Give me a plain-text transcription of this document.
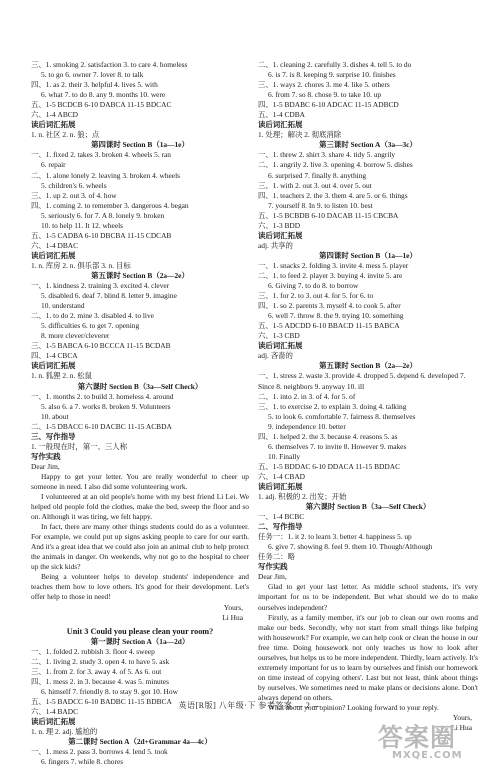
三、1. smoking 2. satisfaction 3. to care 4. homeless
5. to go 6. owner 7. lover 8. to talk
四、1. as 2. their 3. helpful 4. lives 5. with
6. what 7. to do 8. any 9. months 10. were
五、1-5 BCDCB 6-10 DABCA 11-15 BDCAC
六、1-4 ABCD
读后词汇拓展
1. n. 社区 2. n. 狼；点
第四课时 Section B（1a—1e）
一、1. fixed 2. takes 3. broken 4. wheels 5. ran
6. repair
二、1. alone lonely 2. leaving 3. broken 4. wheels
5. children's 6. wheels
三、1. up 2. out 3. of 4. how
四、1. coming 2. to remember 3. dangerous 4. began
5. seriously 6. for 7. A 8. lonely 9. broken
10. to help 11. It 12. wheels
五、1-5 CADBA 6-10 DBCBA 11-15 CDCAB
六、1-4 DBAC
读后词汇拓展
1. n. 库房 2. n. 俱乐部 3. n. 目标
第五课时 Section B（2a—2e）
一、1. kindness 2. training 3. excited 4. clever
5. disabled 6. deaf 7. blind 8. letter 9. imagine
10. understand
二、1. to do 2. mine 3. disabled 4. to live
5. difficulties 6. to get 7. opening
8. more clever/cleverer
三、1-5 BABCA 6-10 BCCCA 11-15 BCDAB
四、1-4 CBCA
读后词汇拓展
1. n. 狐狸 2. n. 松鼠
第六课时 Section B（3a—Self Check）
一、1. months 2. to build 3. homeless 4. around
5. also 6. a 7. works 8. broken 9. Volunteers
10. about
二、1-5 DBACC 6-10 DACBC 11-15 ACBDA
三、写作指导
1. 一般现在时，第一、三人称
写作实践
Dear Jim,
Happy to get your letter. You are really wonderful to cheer up someone in need. I also did some volunteering work.
I volunteered at an old people's home with my best friend Li Lei. We helped old people fold the clothes, make the bed, sweep the floor and so on. Although it was tiring, we felt happy.
In fact, there are many other things students could do as a volunteer. For example, we could put up signs asking people to care for our earth. And it's a great idea that we could also join an animal club to help protect the animals in danger. On weekends, why not go to the hospital to cheer up the sick kids?
Being a volunteer helps to develop students' independence and teaches them how to love others. It's good for their development. Let's offer help to those in need!
Yours,
Li Hua
Unit 3 Could you please clean your room?
第一课时 Section A（1a—2d）
一、1. folded 2. rubbish 3. floor 4. sweep
二、1. living 2. study 3. open 4. to have 5. ask
三、1. from 2. for 3. away 4. of 5. As 6. out
四、1. mess 2. in 3. because 4. was 5. minutes
6. himself 7. friendly 8. to stay 9. got 10. How
五、1-5 BADCC 6-10 BADBC 11-15 BDBCA
六、1-4 BADC
读后词汇拓展
1. n. 理 2. adj. 尴尬的
第二课时 Section A（2d+Grammar 4a—4c）
一、1. mess 2. pass 3. borrows 4. lend 5. took
6. fingers 7. while 8. chores
二、1. cleaning 2. carefully 3. dishes 4. tell 5. to do
6. is 7. is 8. keeping 9. surprise 10. finishes
三、1. ways 2. chores 3. me 4. like 5. others
6. from 7. so 8. chose 9. to take 10. up
四、1-5 BDABC 6-10 ADCAC 11-15 ADBCD
五、1-4 CDBA
读后词汇拓展
1. 处理；解决 2. 彻底消除
第三课时 Section A（3a—3c）
一、1. threw 2. shirt 3. share 4. tidy 5. angrily
二、1. angrily 2. live 3. opening 4. borrow 5. dishes
6. surprised 7. finally 8. anything
三、1. with 2. out 3. out 4. over 5. out
四、1. teachers 2. the 3. them 4. are 5. or 6. things
7. yourself 8. In 9. to listen 10. best
五、1-5 BCBDB 6-10 DACAB 11-15 CBCBA
六、1-3 BDD
读后词汇拓展
adj. 共享的
第四课时 Section B（1a—1e）
一、1. snacks 2. folding 3. invite 4. mess 5. player
二、1. to feed 2. player 3. buying 4. invite 5. are
6. Giving 7. to do 8. to borrow
三、1. for 2. to 3. out 4. for 5. for 6. to
四、1. so 2. parents 3. myself 4. to cook 5. after
6. well 7. throw 8. the 9. trying 10. something
五、1-5 ADCDD 6-10 BBACD 11-15 BABCA
六、1-3 CBD
读后词汇拓展
adj. 吝啬的
第五课时 Section B（2a—2e）
一、1. stress 2. waste 3. provide 4. dropped 5. depend 6. developed 7. Since 8. neighbors 9. anyway 10. ill
二、1. into 2. in 3. of 4. for 5. of
三、1. to exercise 2. to explain 3. doing 4. talking
5. to look 6. comfortable 7. fairness 8. themselves
9. independence 10. better
四、1. helped 2. the 3. because 4. reasons 5. as
6. themselves 7. to invite 8. However 9. makes
10. Finally
五、1-5 BDDAC 6-10 DDACA 11-15 BDDAC
六、1-4 CBAD
读后词汇拓展
1. adj. 积极的 2. 出发；开始
第六课时 Section B（3a—Self Check）
一、1-4 BCBC
二、写作指导
任务一：1. it 2. to learn 3. better 4. happiness 5. up
6. give 7. showing 8. feel 9. them 10. Though/Although
任务二：略
写作实践
Dear Jim,
Glad to get your last letter. As middle school students, it's very important for us to be independent. But what should we do to make ourselves independent?
Firstly, as a family member, it's our job to clean our own rooms and make our beds. Secondly, why not start from small things like helping with housework? For example, we can help cook or clean the house in our free time. Doing housework not only teaches us how to look after ourselves, but helps us to be more independent. Thirdly, learn actively. It's extremely important for us to learn by ourselves and finish our homework on time instead of copying others'. Last but not least, think about things by ourselves. We sometimes need to make plans or decisions alone. Don't always depend on others.
What about your opinion? Looking forward to your reply.
Yours,
Li Hua
英语[R版] 八年级·下 参考答案 — 2 —
答案圈
MXQE.COM
